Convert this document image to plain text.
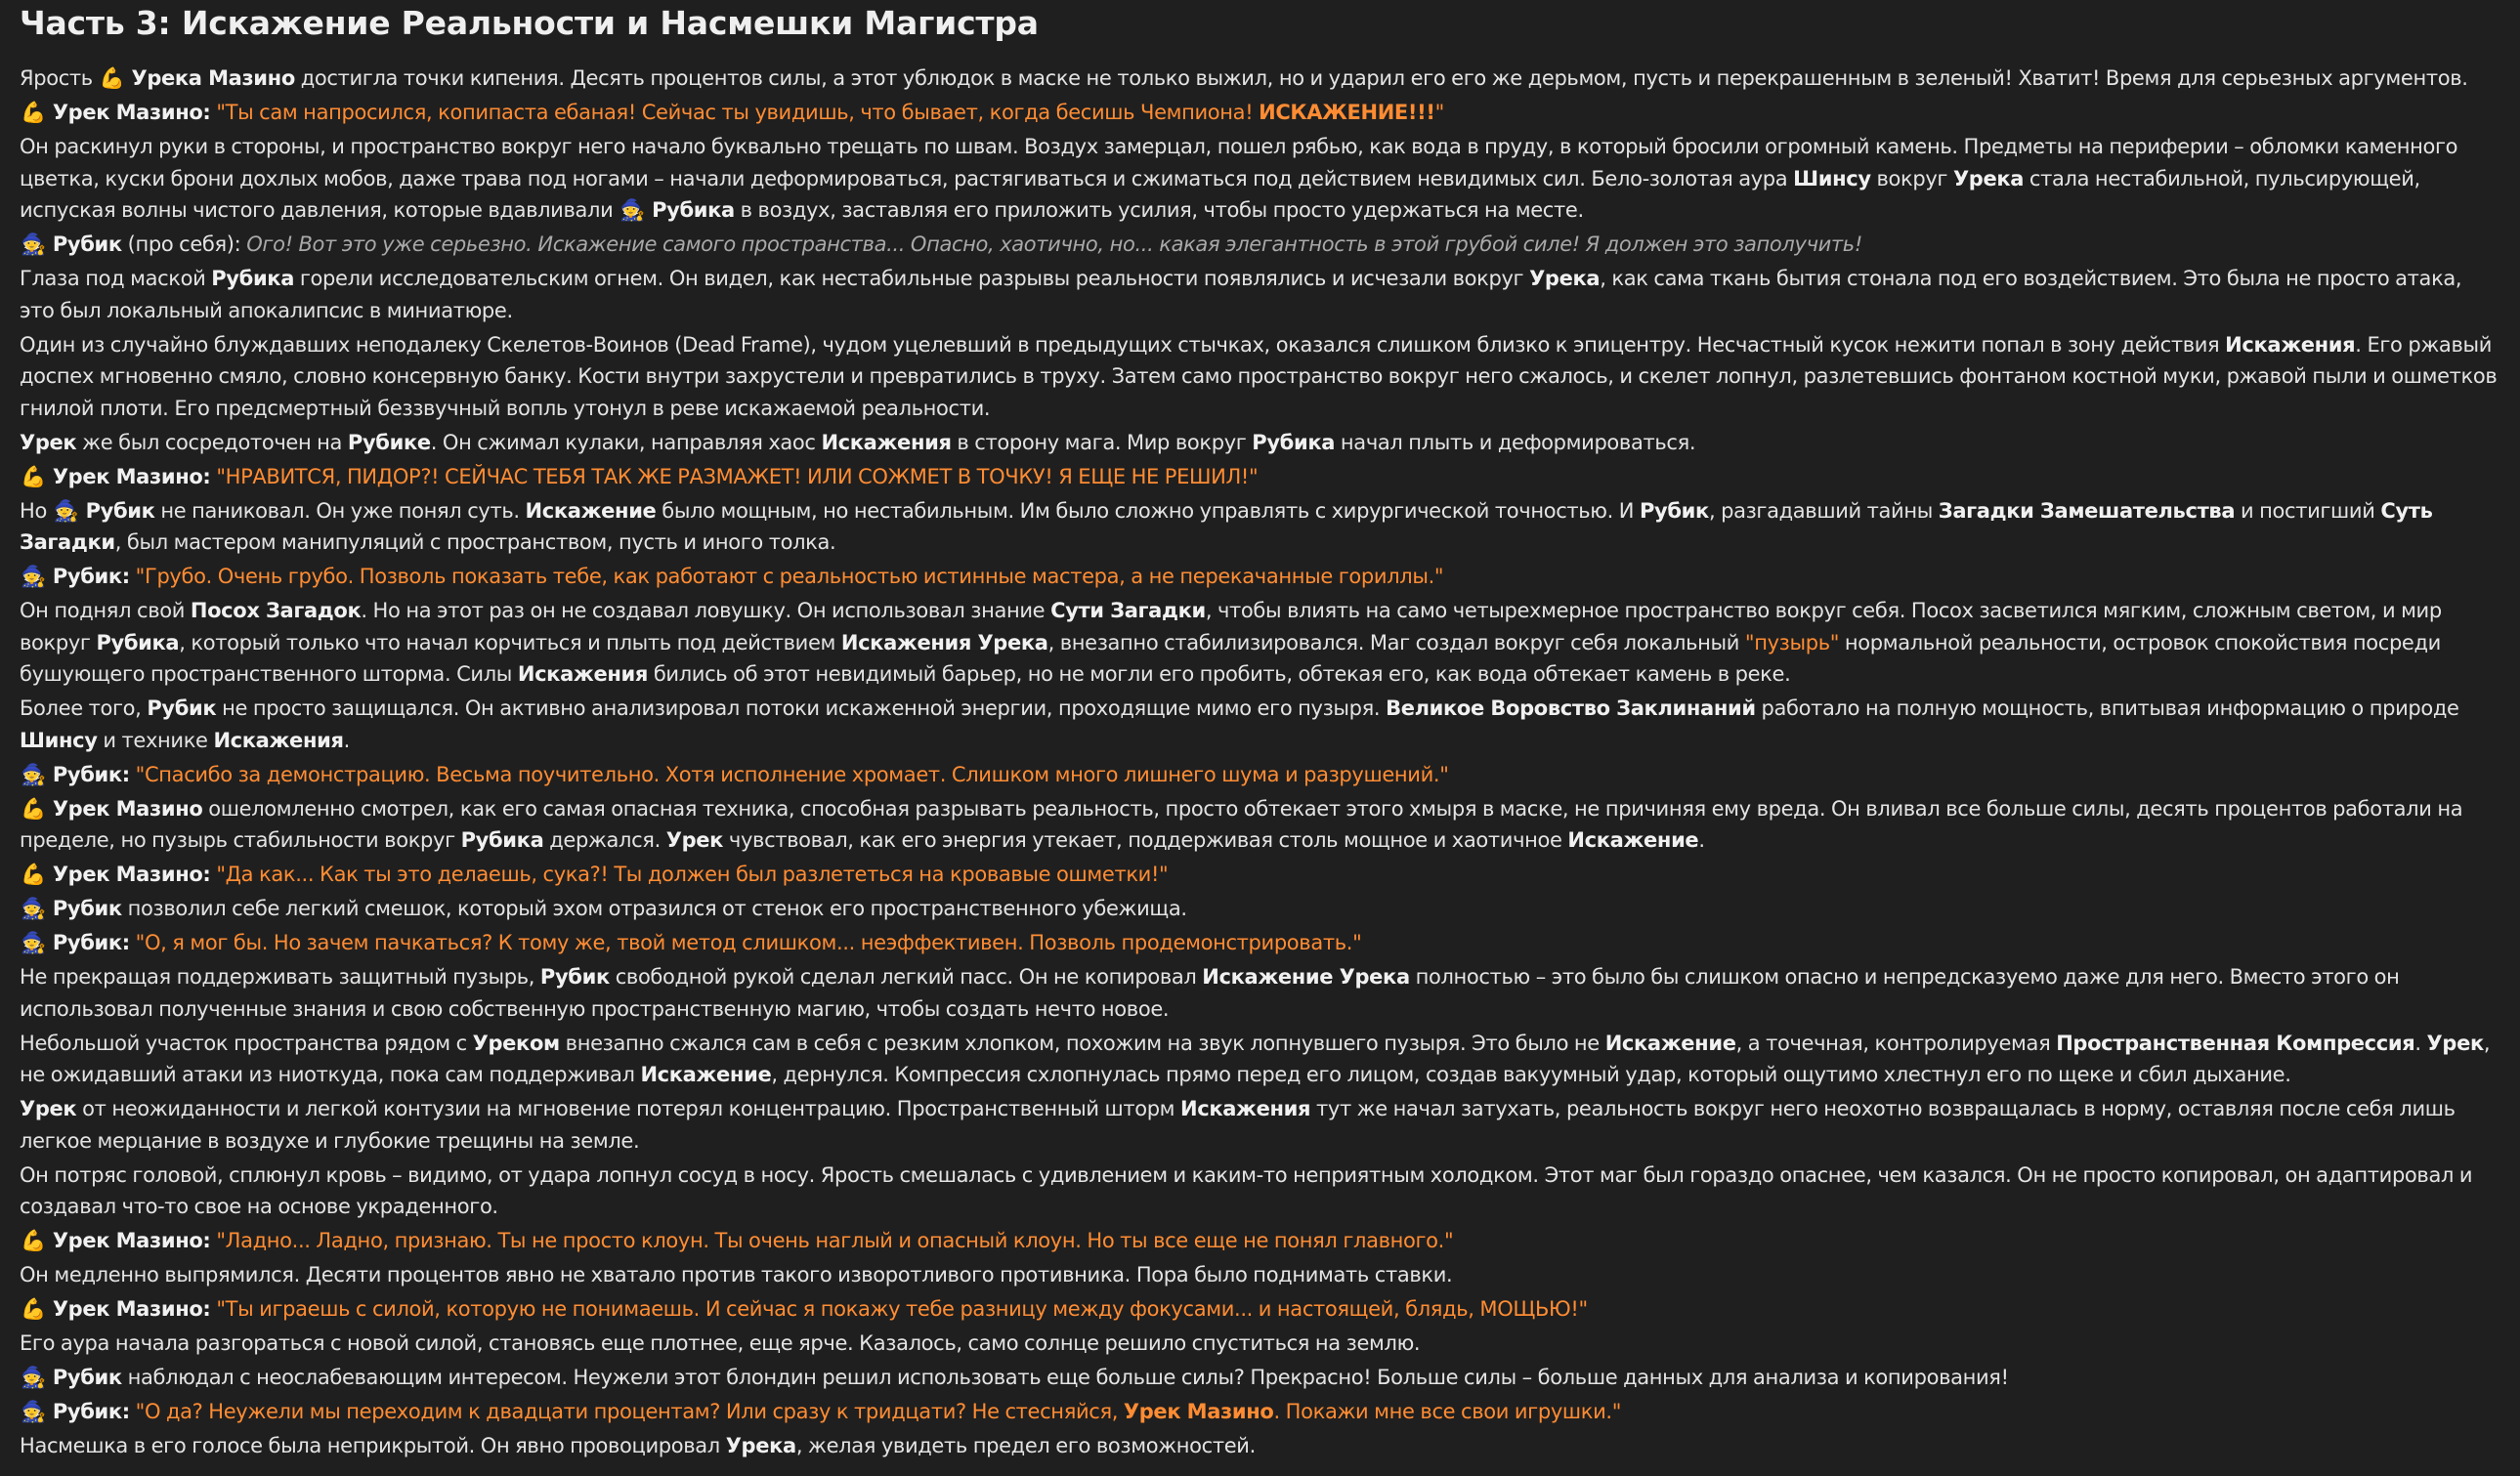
Часть 3: Искажение Реальности и Насмешки Магистра
Ярость 💪 Урека Мазино достигла точки кипения. Десять процентов силы, а этот ублюдок в маске не только выжил, но и ударил его его же дерьмом, пусть и перекрашенным в зеленый! Хватит! Время для серьезных аргументов.
💪 Урек Мазино: "Ты сам напросился, копипаста ебаная! Сейчас ты увидишь, что бывает, когда бесишь Чемпиона! ИСКАЖЕНИЕ!!!"
Он раскинул руки в стороны, и пространство вокруг него начало буквально трещать по швам. Воздух замерцал, пошел рябью, как вода в пруду, в который бросили огромный камень. Предметы на периферии – обломки каменного цветка, куски брони дохлых мобов, даже трава под ногами – начали деформироваться, растягиваться и сжиматься под действием невидимых сил. Бело-золотая аура Шинсу вокруг Урека стала нестабильной, пульсирующей, испуская волны чистого давления, которые вдавливали 🧙 Рубика в воздух, заставляя его приложить усилия, чтобы просто удержаться на месте.
🧙 Рубик (про себя): Ого! Вот это уже серьезно. Искажение самого пространства... Опасно, хаотично, но... какая элегантность в этой грубой силе! Я должен это заполучить!
Глаза под маской Рубика горели исследовательским огнем. Он видел, как нестабильные разрывы реальности появлялись и исчезали вокруг Урека, как сама ткань бытия стонала под его воздействием. Это была не просто атака, это был локальный апокалипсис в миниатюре.
Один из случайно блуждавших неподалеку Скелетов-Воинов (Dead Frame), чудом уцелевший в предыдущих стычках, оказался слишком близко к эпицентру. Несчастный кусок нежити попал в зону действия Искажения. Его ржавый доспех мгновенно смяло, словно консервную банку. Кости внутри захрустели и превратились в труху. Затем само пространство вокруг него сжалось, и скелет лопнул, разлетевшись фонтаном костной муки, ржавой пыли и ошметков гнилой плоти. Его предсмертный беззвучный вопль утонул в реве искажаемой реальности.
Урек же был сосредоточен на Рубике. Он сжимал кулаки, направляя хаос Искажения в сторону мага. Мир вокруг Рубика начал плыть и деформироваться.
💪 Урек Мазино: "НРАВИТСЯ, ПИДОР?! СЕЙЧАС ТЕБЯ ТАК ЖЕ РАЗМАЖЕТ! ИЛИ СОЖМЕТ В ТОЧКУ! Я ЕЩЕ НЕ РЕШИЛ!"
Но 🧙 Рубик не паниковал. Он уже понял суть. Искажение было мощным, но нестабильным. Им было сложно управлять с хирургической точностью. И Рубик, разгадавший тайны Загадки Замешательства и постигший Суть Загадки, был мастером манипуляций с пространством, пусть и иного толка.
🧙 Рубик: "Грубо. Очень грубо. Позволь показать тебе, как работают с реальностью истинные мастера, а не перекачанные гориллы."
Он поднял свой Посох Загадок. Но на этот раз он не создавал ловушку. Он использовал знание Сути Загадки, чтобы влиять на само четырехмерное пространство вокруг себя. Посох засветился мягким, сложным светом, и мир вокруг Рубика, который только что начал корчиться и плыть под действием Искажения Урека, внезапно стабилизировался. Маг создал вокруг себя локальный "пузырь" нормальной реальности, островок спокойствия посреди бушующего пространственного шторма. Силы Искажения бились об этот невидимый барьер, но не могли его пробить, обтекая его, как вода обтекает камень в реке.
Более того, Рубик не просто защищался. Он активно анализировал потоки искаженной энергии, проходящие мимо его пузыря. Великое Воровство Заклинаний работало на полную мощность, впитывая информацию о природе Шинсу и технике Искажения.
🧙 Рубик: "Спасибо за демонстрацию. Весьма поучительно. Хотя исполнение хромает. Слишком много лишнего шума и разрушений."
💪 Урек Мазино ошеломленно смотрел, как его самая опасная техника, способная разрывать реальность, просто обтекает этого хмыря в маске, не причиняя ему вреда. Он вливал все больше силы, десять процентов работали на пределе, но пузырь стабильности вокруг Рубика держался. Урек чувствовал, как его энергия утекает, поддерживая столь мощное и хаотичное Искажение.
💪 Урек Мазино: "Да как... Как ты это делаешь, сука?! Ты должен был разлететься на кровавые ошметки!"
🧙 Рубик позволил себе легкий смешок, который эхом отразился от стенок его пространственного убежища.
🧙 Рубик: "О, я мог бы. Но зачем пачкаться? К тому же, твой метод слишком... неэффективен. Позволь продемонстрировать."
Не прекращая поддерживать защитный пузырь, Рубик свободной рукой сделал легкий пасс. Он не копировал Искажение Урека полностью – это было бы слишком опасно и непредсказуемо даже для него. Вместо этого он использовал полученные знания и свою собственную пространственную магию, чтобы создать нечто новое.
Небольшой участок пространства рядом с Уреком внезапно сжался сам в себя с резким хлопком, похожим на звук лопнувшего пузыря. Это было не Искажение, а точечная, контролируемая Пространственная Компрессия. Урек, не ожидавший атаки из ниоткуда, пока сам поддерживал Искажение, дернулся. Компрессия схлопнулась прямо перед его лицом, создав вакуумный удар, который ощутимо хлестнул его по щеке и сбил дыхание.
Урек от неожиданности и легкой контузии на мгновение потерял концентрацию. Пространственный шторм Искажения тут же начал затухать, реальность вокруг него неохотно возвращалась в норму, оставляя после себя лишь легкое мерцание в воздухе и глубокие трещины на земле.
Он потряс головой, сплюнул кровь – видимо, от удара лопнул сосуд в носу. Ярость смешалась с удивлением и каким-то неприятным холодком. Этот маг был гораздо опаснее, чем казался. Он не просто копировал, он адаптировал и создавал что-то свое на основе украденного.
💪 Урек Мазино: "Ладно... Ладно, признаю. Ты не просто клоун. Ты очень наглый и опасный клоун. Но ты все еще не понял главного."
Он медленно выпрямился. Десяти процентов явно не хватало против такого изворотливого противника. Пора было поднимать ставки.
💪 Урек Мазино: "Ты играешь с силой, которую не понимаешь. И сейчас я покажу тебе разницу между фокусами... и настоящей, блядь, МОЩЬЮ!"
Его аура начала разгораться с новой силой, становясь еще плотнее, еще ярче. Казалось, само солнце решило спуститься на землю.
🧙 Рубик наблюдал с неослабевающим интересом. Неужели этот блондин решил использовать еще больше силы? Прекрасно! Больше силы – больше данных для анализа и копирования!
🧙 Рубик: "О да? Неужели мы переходим к двадцати процентам? Или сразу к тридцати? Не стесняйся, Урек Мазино. Покажи мне все свои игрушки."
Насмешка в его голосе была неприкрытой. Он явно провоцировал Урека, желая увидеть предел его возможностей.
